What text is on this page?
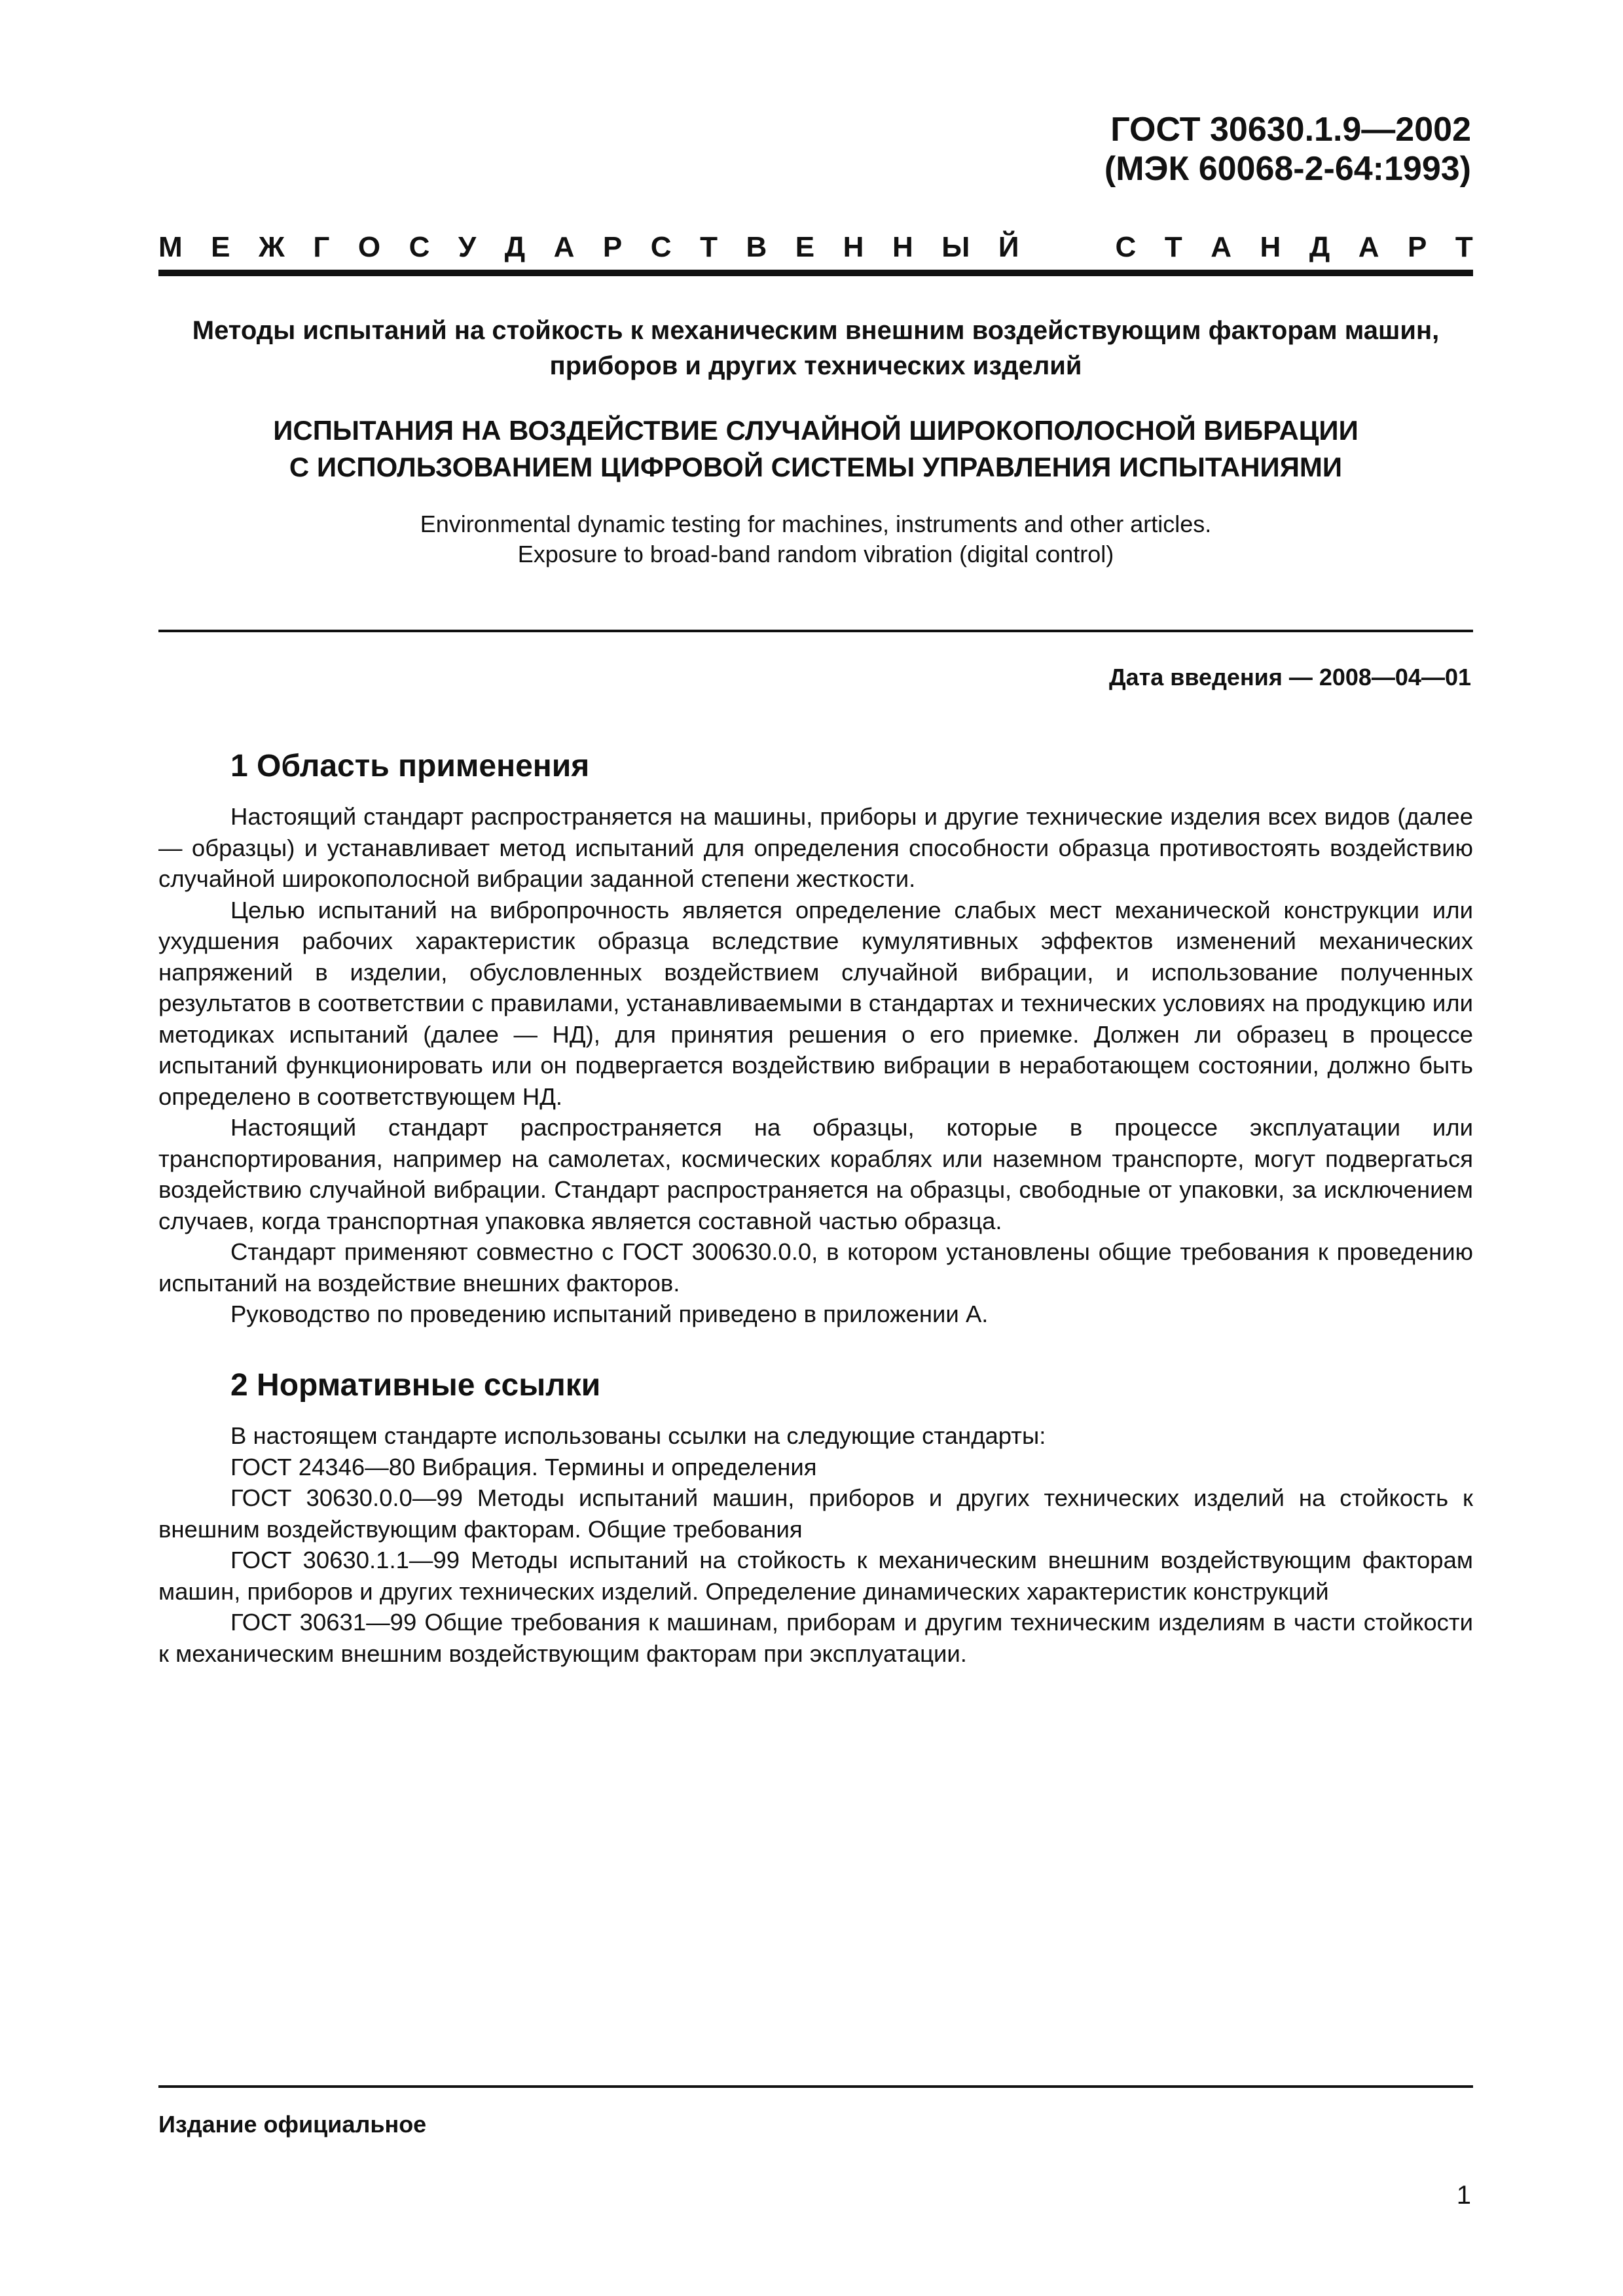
ГОСТ 30630.1.9—2002
(МЭК 60068-2-64:1993)
М Е Ж Г О С У Д А Р С Т В Е Н Н Ы Й	С Т А Н Д А Р Т
Методы испытаний на стойкость к механическим внешним воздействующим факторам машин,
приборов и других технических изделий
ИСПЫТАНИЯ НА ВОЗДЕЙСТВИЕ СЛУЧАЙНОЙ ШИРОКОПОЛОСНОЙ ВИБРАЦИИ
С ИСПОЛЬЗОВАНИЕМ ЦИФРОВОЙ СИСТЕМЫ УПРАВЛЕНИЯ ИСПЫТАНИЯМИ
Environmental dynamic testing for machines, instruments and other articles.
Exposure to broad-band random vibration (digital control)
Дата введения — 2008—04—01
1 Область применения

Настоящий стандарт распространяется на машины, приборы и другие технические изделия всех видов (далее — образцы) и устанавливает метод испытаний для определения способности образца противостоять воздействию случайной широкополосной вибрации заданной степени жесткости.

Целью испытаний на вибропрочность является определение слабых мест механической конструкции или ухудшения рабочих характеристик образца вследствие кумулятивных эффектов изменений механических напряжений в изделии, обусловленных воздействием случайной вибрации, и использование полученных результатов в соответствии с правилами, устанавливаемыми в стандартах и технических условиях на продукцию или методиках испытаний (далее — НД), для принятия решения о его приемке. Должен ли образец в процессе испытаний функционировать или он подвергается воздействию вибрации в неработающем состоянии, должно быть определено в соответствующем НД.

Настоящий стандарт распространяется на образцы, которые в процессе эксплуатации или транспортирования, например на самолетах, космических кораблях или наземном транспорте, могут подвергаться воздействию случайной вибрации. Стандарт распространяется на образцы, свободные от упаковки, за исключением случаев, когда транспортная упаковка является составной частью образца.

Стандарт применяют совместно с ГОСТ 300630.0.0, в котором установлены общие требования к проведению испытаний на воздействие внешних факторов.

Руководство по проведению испытаний приведено в приложении А.

2 Нормативные ссылки

В настоящем стандарте использованы ссылки на следующие стандарты:

ГОСТ 24346—80 Вибрация. Термины и определения

ГОСТ 30630.0.0—99 Методы испытаний машин, приборов и других технических изделий на стойкость к внешним воздействующим факторам. Общие требования

ГОСТ 30630.1.1—99 Методы испытаний на стойкость к механическим внешним воздействующим факторам машин, приборов и других технических изделий. Определение динамических характеристик конструкций

ГОСТ 30631—99 Общие требования к машинам, приборам и другим техническим изделиям в части стойкости к механическим внешним воздействующим факторам при эксплуатации.

Издание официальное
1
